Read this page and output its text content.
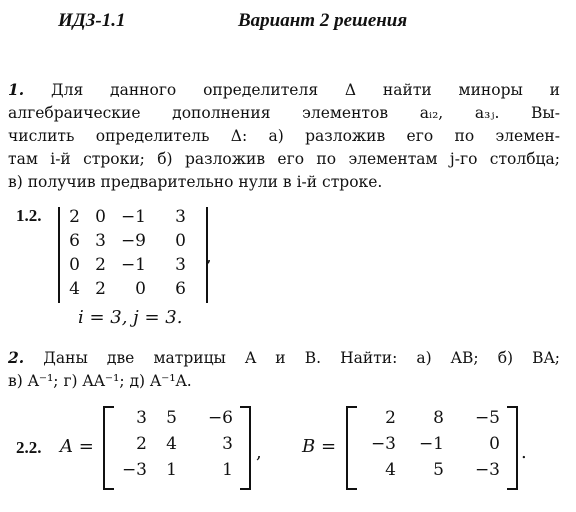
ИДЗ-1.1	Вариант 2 решения
1. Для данного определителя Δ найти миноры и
алгебраические дополнения элементов aᵢ₂, a₃ⱼ. Вы-
числить определитель Δ: а) разложив его по элемен-
там i-й строки; б) разложив его по элементам j-го столбца;
в) получив предварительно нули в i-й строке.
1.2.	2 0 −1	3
6 3 −9	0
0 2 −1	3
4 2	0	6
,
i = 3, j = 3.
2. Даны две матрицы A и B. Найти: а) AB; б) BA;
в) A⁻¹; г) AA⁻¹; д) A⁻¹A.
2.2. A =
3	5 −6
2	4	3
−3	1	1
, B =
2	8 −5
−3 −1	0
4	5 −3
.
